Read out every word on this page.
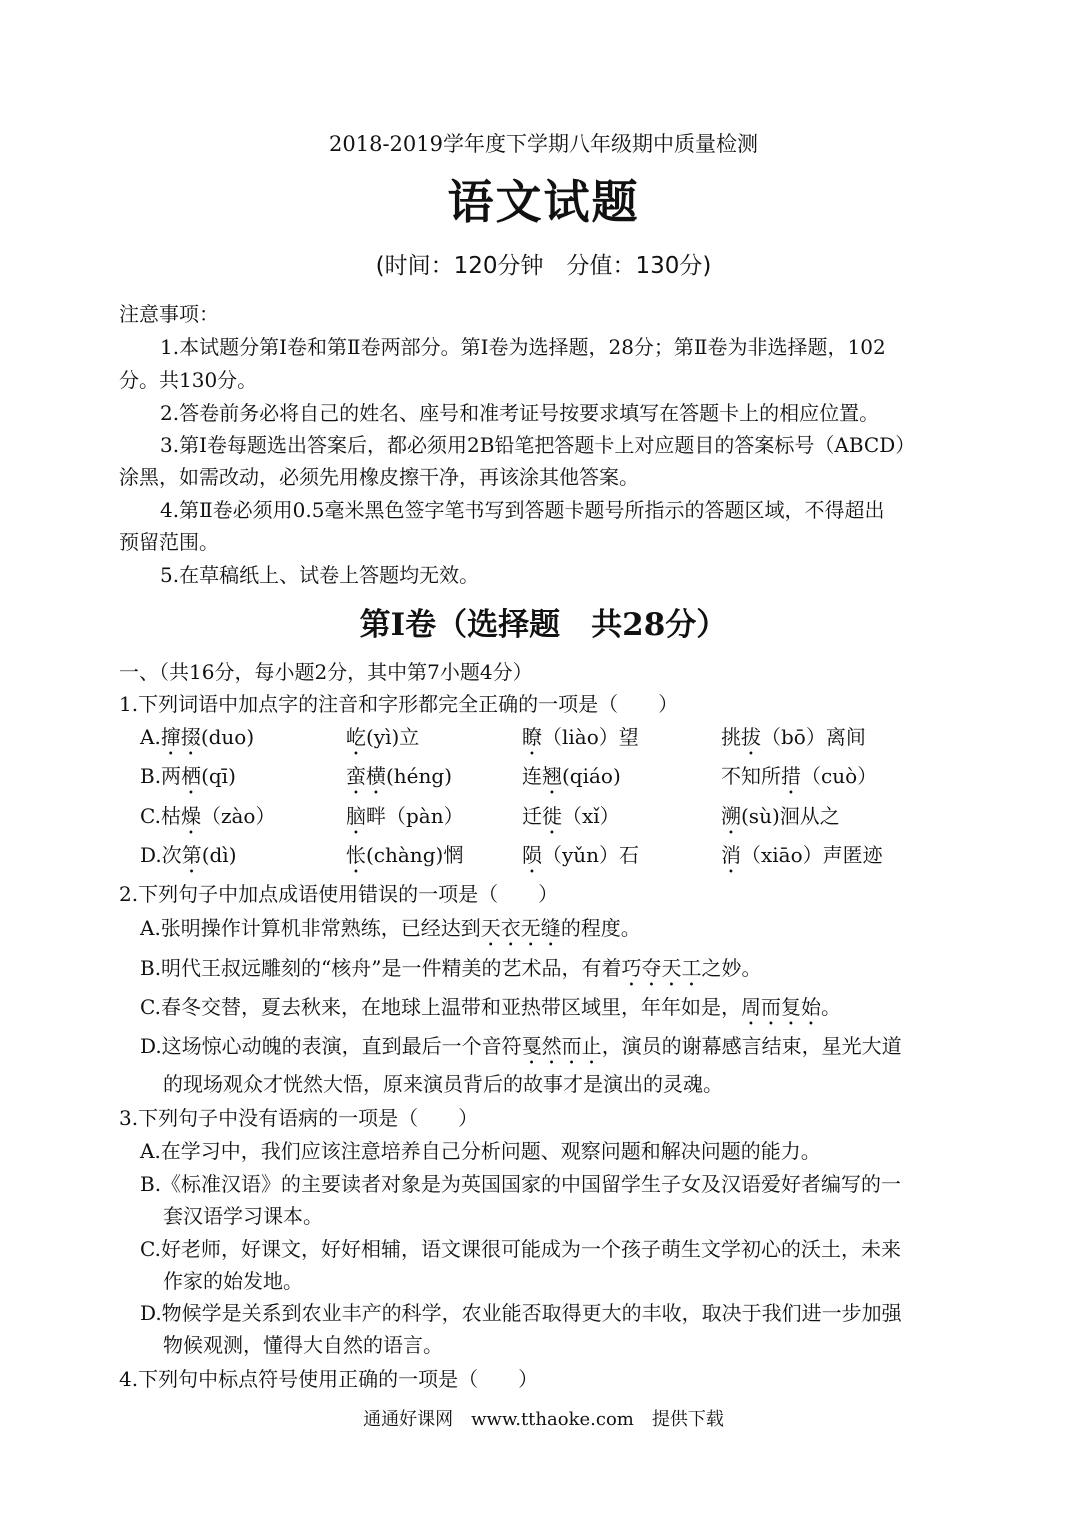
2018-2019学年度下学期八年级期中质量检测
语文试题
(时间：120分钟　分值：130分)
注意事项：
1.本试题分第Ⅰ卷和第Ⅱ卷两部分。第Ⅰ卷为选择题，28分；第Ⅱ卷为非选择题，102
分。共130分。
2.答卷前务必将自己的姓名、座号和准考证号按要求填写在答题卡上的相应位置。
3.第Ⅰ卷每题选出答案后，都必须用2B铅笔把答题卡上对应题目的答案标号（ABCD）
涂黑，如需改动，必须先用橡皮擦干净，再该涂其他答案。
4.第Ⅱ卷必须用0.5毫米黑色签字笔书写到答题卡题号所指示的答题区域，不得超出
预留范围。
5.在草稿纸上、试卷上答题均无效。
第Ⅰ卷（选择题　共28分）
一、（共16分，每小题2分，其中第7小题4分）
1.下列词语中加点字的注音和字形都完全正确的一项是（　　）
A.撺掇(duo)	屹(yì)立	瞭（liào）望	挑拔（bō）离间
B.两栖(qī)	蛮横(héng)	连翘(qiáo)	不知所措（cuò）
C.枯燥（zào）	脑畔（pàn）	迁徙（xǐ）	溯(sù)洄从之
D.次第(dì)	怅(chàng)惘	陨（yǔn）石	消（xiāo）声匿迹
2.下列句子中加点成语使用错误的一项是（　　）
A.张明操作计算机非常熟练，已经达到天衣无缝的程度。
B.明代王叔远雕刻的“核舟”是一件精美的艺术品，有着巧夺天工之妙。
C.春冬交替，夏去秋来，在地球上温带和亚热带区域里，年年如是，周而复始。
D.这场惊心动魄的表演，直到最后一个音符戛然而止，演员的谢幕感言结束，星光大道
的现场观众才恍然大悟，原来演员背后的故事才是演出的灵魂。
3.下列句子中没有语病的一项是（　　）
A.在学习中，我们应该注意培养自己分析问题、观察问题和解决问题的能力。
B.《标准汉语》的主要读者对象是为英国国家的中国留学生子女及汉语爱好者编写的一
套汉语学习课本。
C.好老师，好课文，好好相辅，语文课很可能成为一个孩子萌生文学初心的沃土，未来
作家的始发地。
D.物候学是关系到农业丰产的科学，农业能否取得更大的丰收，取决于我们进一步加强
物候观测，懂得大自然的语言。
4.下列句中标点符号使用正确的一项是（　　）
通通好课网　www.tthaoke.com　提供下载
